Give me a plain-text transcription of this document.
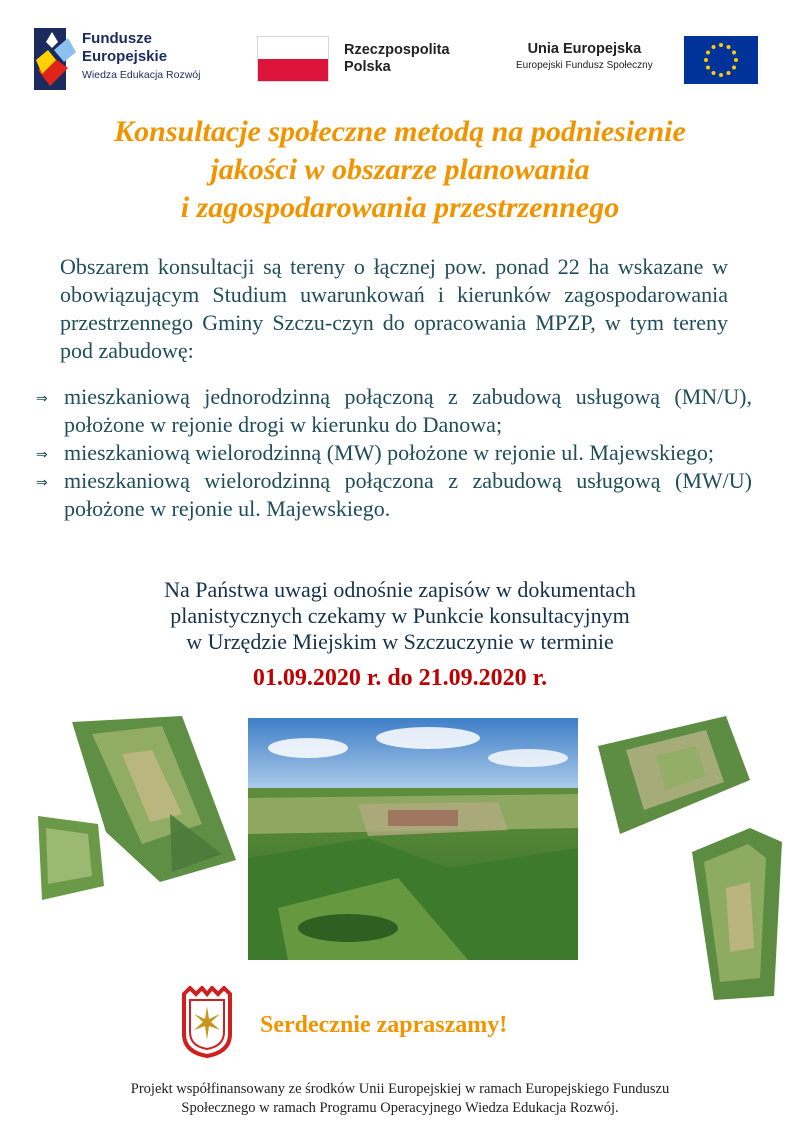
Fundusze
Europejskie
Wiedza Edukacja Rozwój
Rzeczpospolita
Polska
Unia Europejska
Europejski Fundusz Społeczny
Konsultacje społeczne metodą na podniesienie
jakości w obszarze planowania
i zagospodarowania przestrzennego
Obszarem konsultacji są tereny o łącznej pow. ponad 22 ha wskazane w obowiązującym Studium uwarunkowań i kierunków zagospodarowania przestrzennego Gminy Szczu-czyn do opracowania MPZP, w tym tereny pod zabudowę:
⇒ mieszkaniową jednorodzinną połączoną z zabudową usługową (MN/U), położone w rejonie drogi w kierunku do Danowa;
⇒ mieszkaniową wielorodzinną (MW) położone w rejonie ul. Majewskiego;
⇒ mieszkaniową wielorodzinną połączona z zabudową usługową (MW/U) położone w rejonie ul. Majewskiego.
Na Państwa uwagi odnośnie zapisów w dokumentach
planistycznych czekamy w Punkcie konsultacyjnym
w Urzędzie Miejskim w Szczuczynie w terminie
01.09.2020 r. do 21.09.2020 r.
Serdecznie zapraszamy!
Projekt współfinansowany ze środków Unii Europejskiej w ramach Europejskiego Funduszu
Społecznego w ramach Programu Operacyjnego Wiedza Edukacja Rozwój.
